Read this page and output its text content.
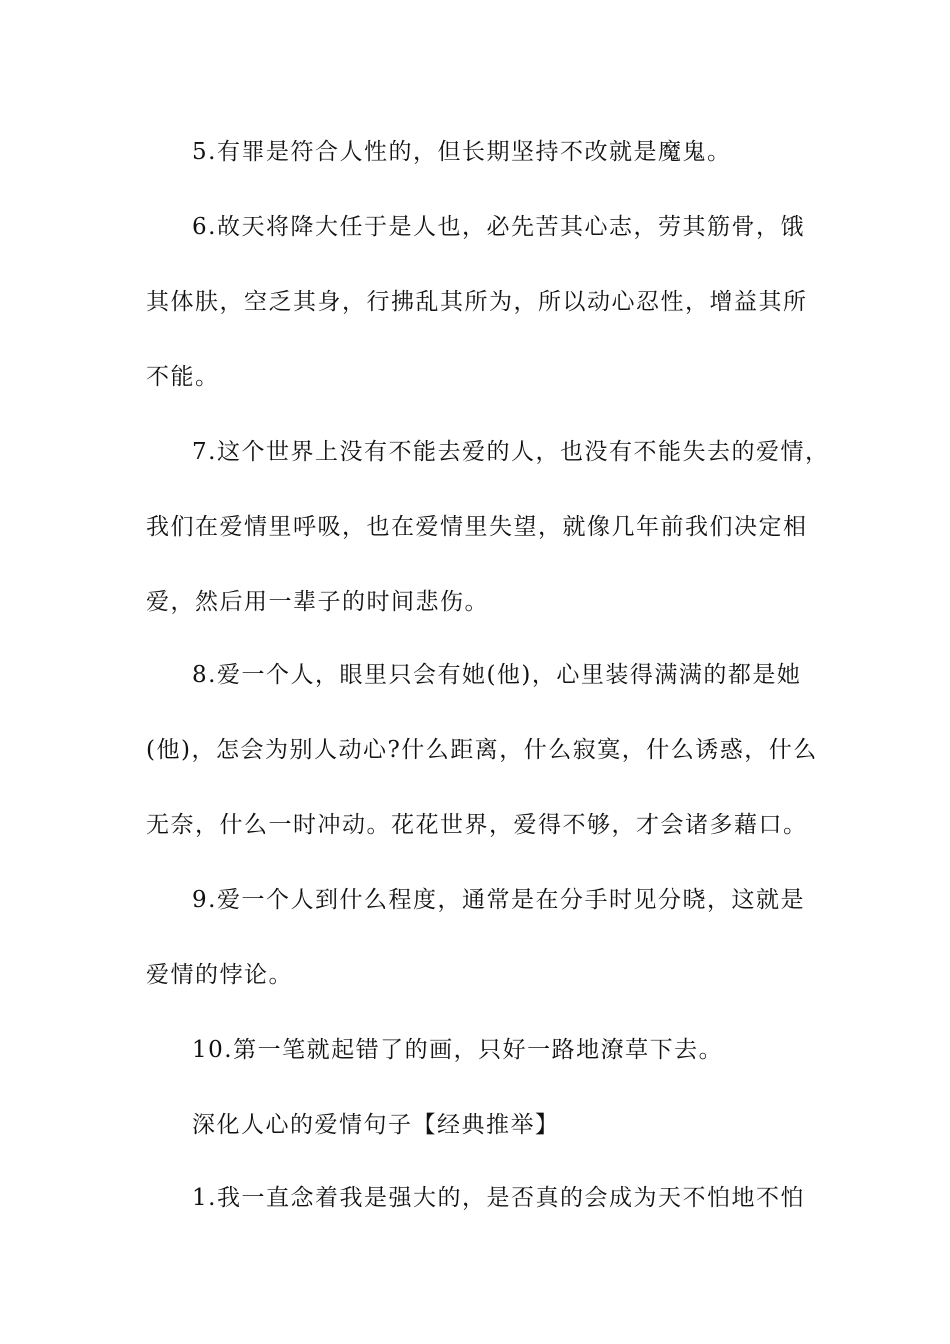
5.有罪是符合人性的，但长期坚持不改就是魔鬼。
6.故天将降大任于是人也，必先苦其心志，劳其筋骨，饿
其体肤，空乏其身，行拂乱其所为，所以动心忍性，增益其所
不能。
7.这个世界上没有不能去爱的人，也没有不能失去的爱情，
我们在爱情里呼吸，也在爱情里失望，就像几年前我们决定相
爱，然后用一辈子的时间悲伤。
8.爱一个人，眼里只会有她(他)，心里装得满满的都是她
(他)，怎会为别人动心?什么距离，什么寂寞，什么诱惑，什么
无奈，什么一时冲动。花花世界，爱得不够，才会诸多藉口。
9.爱一个人到什么程度，通常是在分手时见分晓，这就是
爱情的悖论。
10.第一笔就起错了的画，只好一路地潦草下去。
深化人心的爱情句子【经典推举】
1.我一直念着我是强大的，是否真的会成为天不怕地不怕
